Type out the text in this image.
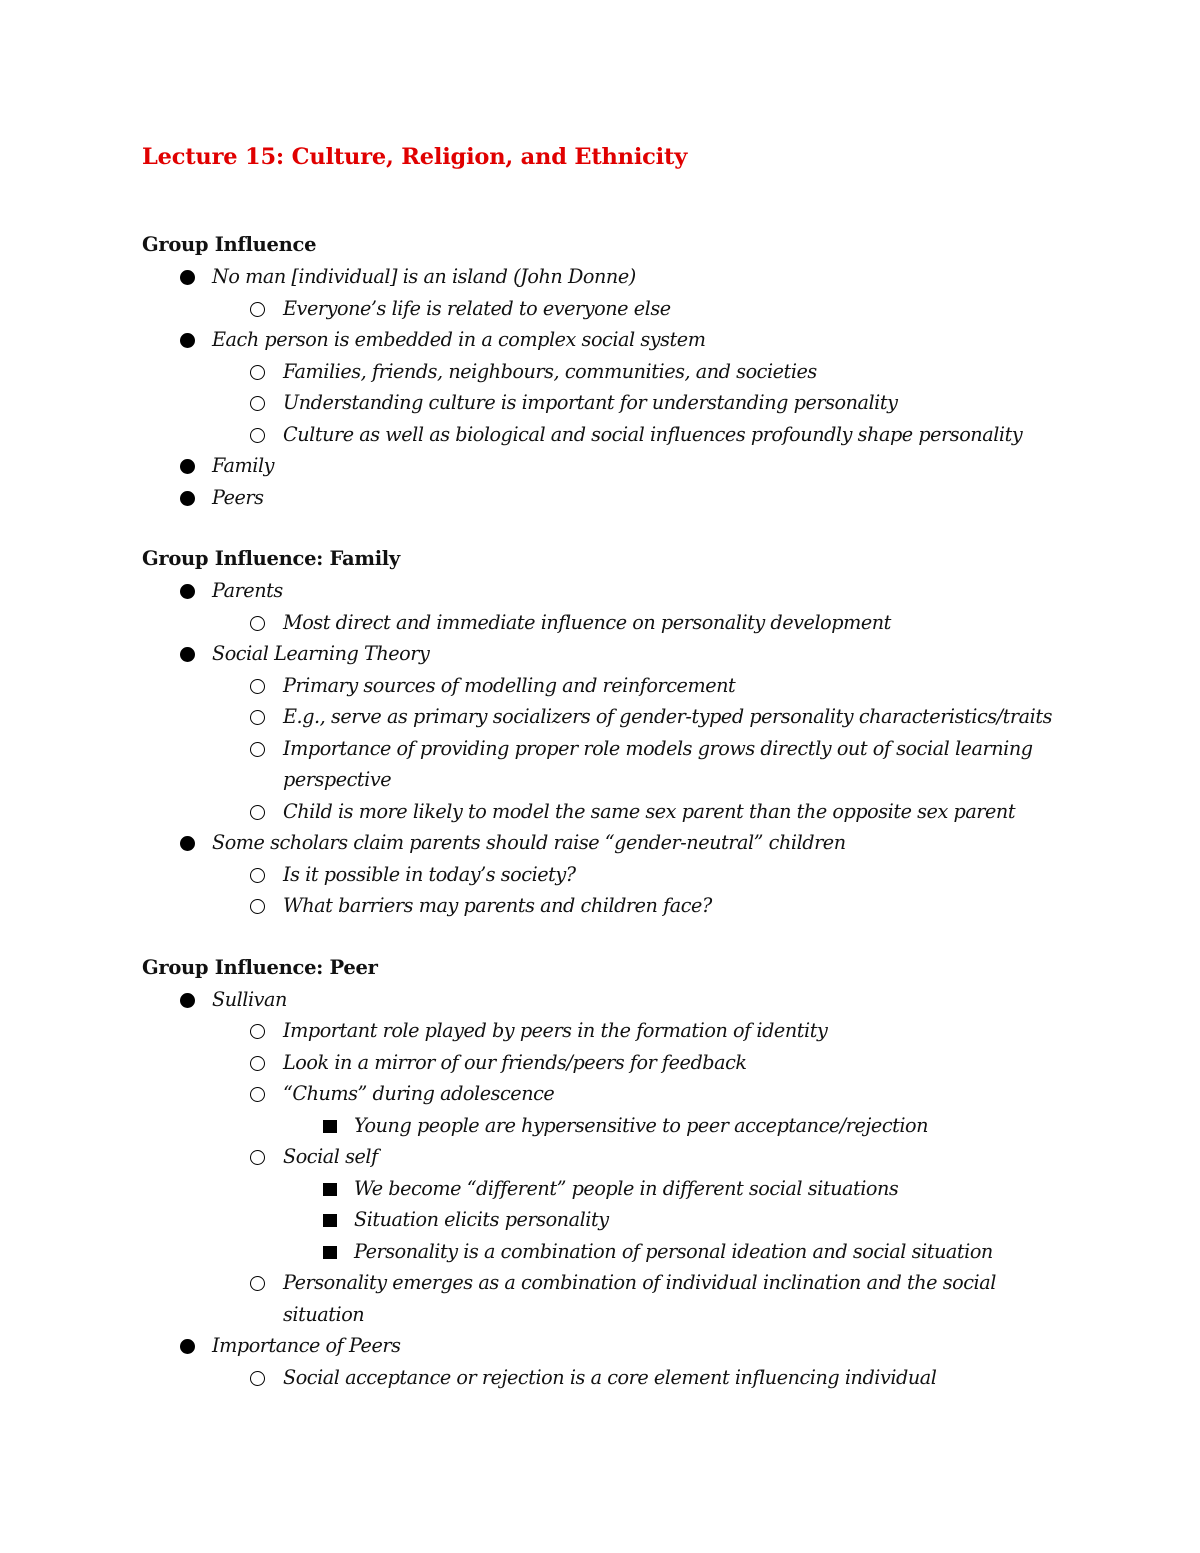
Lecture 15: Culture, Religion, and Ethnicity
Group Influence
No man [individual] is an island (John Donne)
Everyone’s life is related to everyone else
Each person is embedded in a complex social system
Families, friends, neighbours, communities, and societies
Understanding culture is important for understanding personality
Culture as well as biological and social influences profoundly shape personality
Family
Peers
Group Influence: Family
Parents
Most direct and immediate influence on personality development
Social Learning Theory
Primary sources of modelling and reinforcement
E.g., serve as primary socializers of gender-typed personality characteristics/traits
Importance of providing proper role models grows directly out of social learning perspective
Child is more likely to model the same sex parent than the opposite sex parent
Some scholars claim parents should raise “gender-neutral” children
Is it possible in today’s society?
What barriers may parents and children face?
Group Influence: Peer
Sullivan
Important role played by peers in the formation of identity
Look in a mirror of our friends/peers for feedback
“Chums” during adolescence
Young people are hypersensitive to peer acceptance/rejection
Social self
We become “different” people in different social situations
Situation elicits personality
Personality is a combination of personal ideation and social situation
Personality emerges as a combination of individual inclination and the social situation
Importance of Peers
Social acceptance or rejection is a core element influencing individual
